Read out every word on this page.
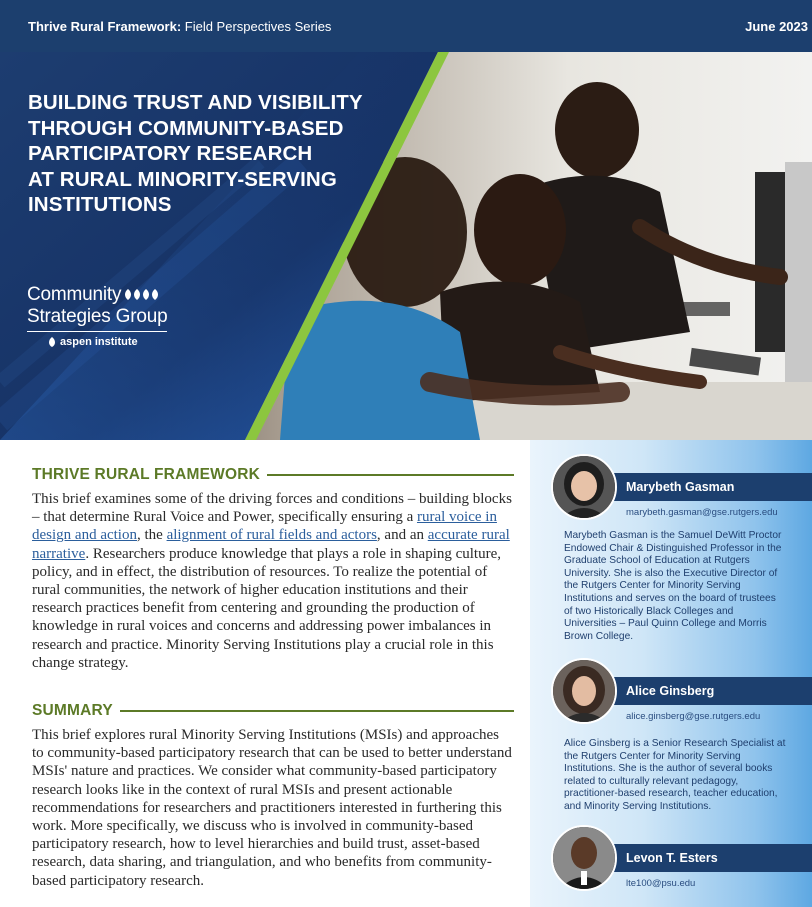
Thrive Rural Framework: Field Perspectives Series	June 2023
BUILDING TRUST AND VISIBILITY
THROUGH COMMUNITY-BASED
PARTICIPATORY RESEARCH
AT RURAL MINORITY-SERVING
INSTITUTIONS
Community
Strategies Group
aspen institute
THRIVE RURAL FRAMEWORK

This brief examines some of the driving forces and conditions – building blocks – that determine Rural Voice and Power, specifically ensuring a rural voice in design and action, the alignment of rural fields and actors, and an accurate rural narrative. Researchers produce knowledge that plays a role in shaping culture, policy, and in effect, the distribution of resources. To realize the potential of rural communities, the network of higher education institutions and their research practices benefit from centering and grounding the production of knowledge in rural voices and concerns and addressing power imbalances in research and practice. Minority Serving Institutions play a crucial role in this change strategy.

SUMMARY

This brief explores rural Minority Serving Institutions (MSIs) and approaches to community-based participatory research that can be used to better understand MSIs' nature and practices. We consider what community-based participatory research looks like in the context of rural MSIs and present actionable recommendations for researchers and practitioners interested in furthering this work. More specifically, we discuss who is involved in community-based participatory research, how to level hierarchies and build trust, asset-based research, data sharing, and triangulation, and who benefits from community-based participatory research.

Marybeth Gasman
marybeth.gasman@gse.rutgers.edu
Marybeth Gasman is the Samuel DeWitt Proctor Endowed Chair & Distinguished Professor in the Graduate School of Education at Rutgers University. She is also the Executive Director of the Rutgers Center for Minority Serving Institutions and serves on the board of trustees of two Historically Black Colleges and Universities – Paul Quinn College and Morris Brown College.
Alice Ginsberg
alice.ginsberg@gse.rutgers.edu
Alice Ginsberg is a Senior Research Specialist at the Rutgers Center for Minority Serving Institutions. She is the author of several books related to culturally relevant pedagogy, practitioner-based research, teacher education, and Minority Serving Institutions.
Levon T. Esters
lte100@psu.edu
